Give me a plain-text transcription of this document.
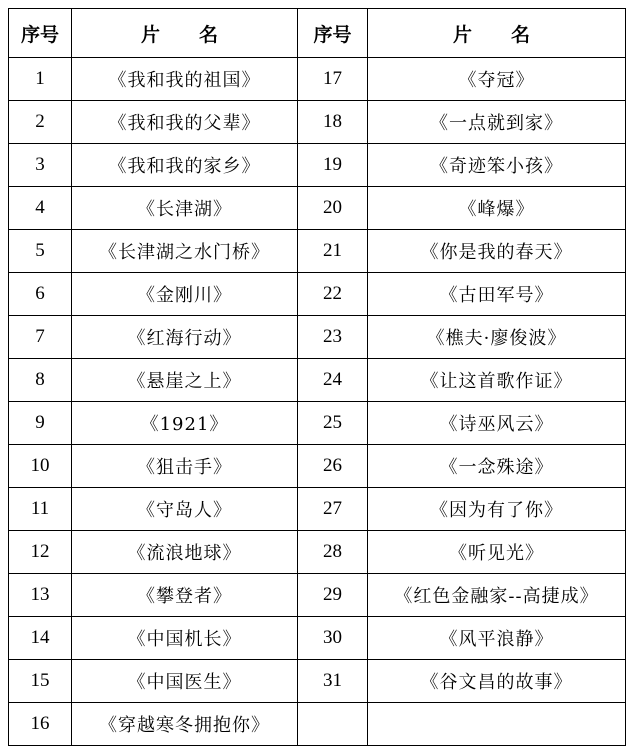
序号	片　名	序号	片　名
1	《我和我的祖国》	17	《夺冠》
2	《我和我的父辈》	18	《一点就到家》
3	《我和我的家乡》	19	《奇迹笨小孩》
4	《长津湖》	20	《峰爆》
5	《长津湖之水门桥》	21	《你是我的春天》
6	《金刚川》	22	《古田军号》
7	《红海行动》	23	《樵夫·廖俊波》
8	《悬崖之上》	24	《让这首歌作证》
9	《1921》	25	《诗巫风云》
10	《狙击手》	26	《一念殊途》
11	《守岛人》	27	《因为有了你》
12	《流浪地球》	28	《听见光》
13	《攀登者》	29	《红色金融家--高捷成》
14	《中国机长》	30	《风平浪静》
15	《中国医生》	31	《谷文昌的故事》
16	《穿越寒冬拥抱你》		
